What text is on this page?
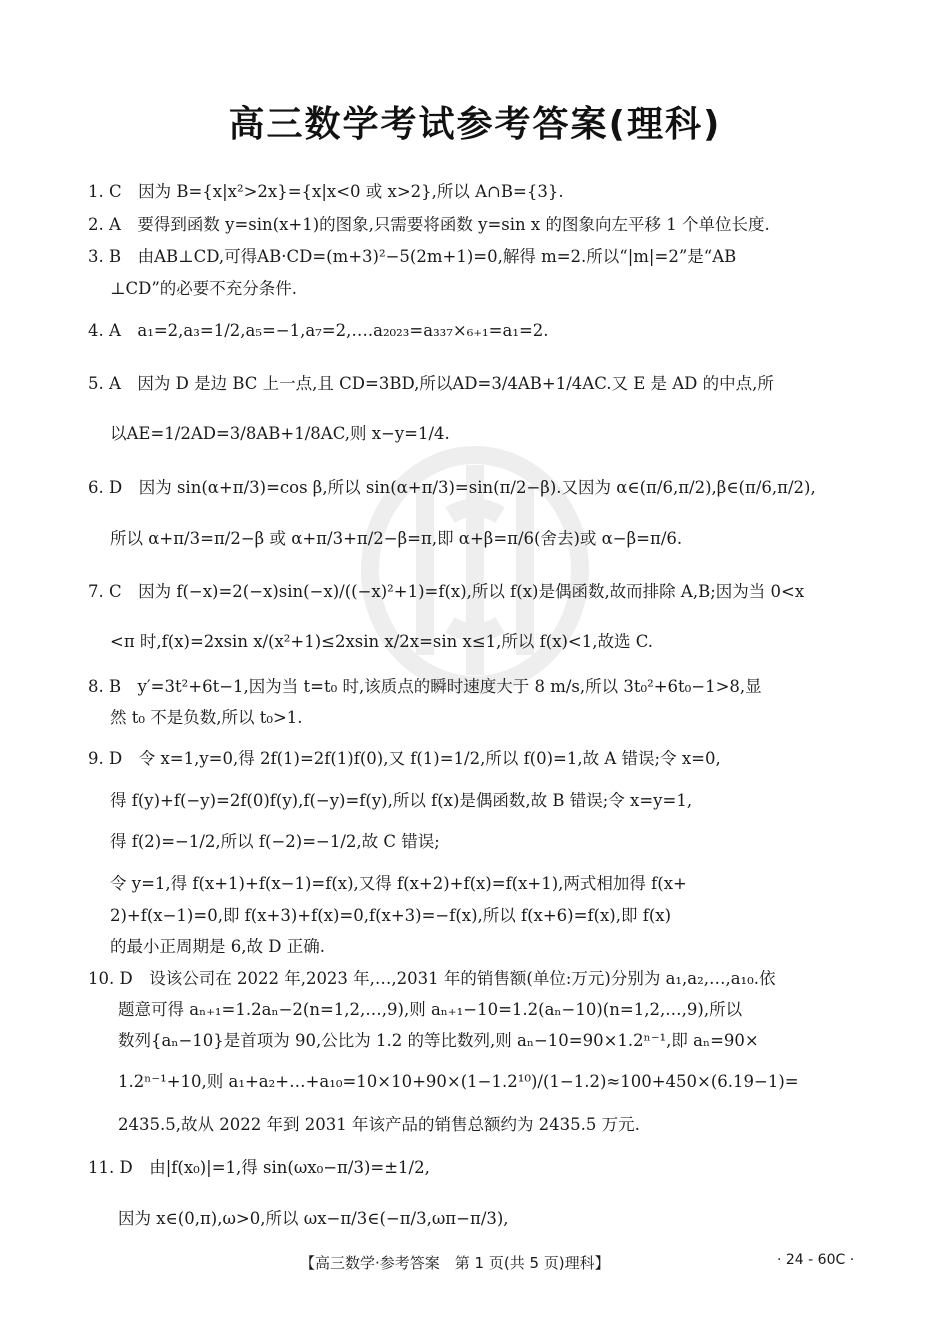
高三数学考试参考答案(理科)
1. C　因为 B={x|x²>2x}={x|x<0 或 x>2},所以 A∩B={3}.
2. A　要得到函数 y=sin(x+1)的图象,只需要将函数 y=sin x 的图象向左平移 1 个单位长度.
3. B　由AB⊥CD,可得AB·CD=(m+3)²−5(2m+1)=0,解得 m=2.所以“|m|=2”是“AB
⊥CD”的必要不充分条件.
4. A　a₁=2,a₃=1/2,a₅=−1,a₇=2,….a₂₀₂₃=a₃₃₇×₆₊₁=a₁=2.
5. A　因为 D 是边 BC 上一点,且 CD=3BD,所以AD=3/4AB+1/4AC.又 E 是 AD 的中点,所
以AE=1/2AD=3/8AB+1/8AC,则 x−y=1/4.
6. D　因为 sin(α+π/3)=cos β,所以 sin(α+π/3)=sin(π/2−β).又因为 α∈(π/6,π/2),β∈(π/6,π/2),
所以 α+π/3=π/2−β 或 α+π/3+π/2−β=π,即 α+β=π/6(舍去)或 α−β=π/6.
7. C　因为 f(−x)=2(−x)sin(−x)/((−x)²+1)=f(x),所以 f(x)是偶函数,故而排除 A,B;因为当 0<x
<π 时,f(x)=2xsin x/(x²+1)≤2xsin x/2x=sin x≤1,所以 f(x)<1,故选 C.
8. B　y′=3t²+6t−1,因为当 t=t₀ 时,该质点的瞬时速度大于 8 m/s,所以 3t₀²+6t₀−1>8,显
然 t₀ 不是负数,所以 t₀>1.
9. D　令 x=1,y=0,得 2f(1)=2f(1)f(0),又 f(1)=1/2,所以 f(0)=1,故 A 错误;令 x=0,
得 f(y)+f(−y)=2f(0)f(y),f(−y)=f(y),所以 f(x)是偶函数,故 B 错误;令 x=y=1,
得 f(2)=−1/2,所以 f(−2)=−1/2,故 C 错误;
令 y=1,得 f(x+1)+f(x−1)=f(x),又得 f(x+2)+f(x)=f(x+1),两式相加得 f(x+
2)+f(x−1)=0,即 f(x+3)+f(x)=0,f(x+3)=−f(x),所以 f(x+6)=f(x),即 f(x)
的最小正周期是 6,故 D 正确.
10. D　设该公司在 2022 年,2023 年,…,2031 年的销售额(单位:万元)分别为 a₁,a₂,…,a₁₀.依
题意可得 aₙ₊₁=1.2aₙ−2(n=1,2,…,9),则 aₙ₊₁−10=1.2(aₙ−10)(n=1,2,…,9),所以
数列{aₙ−10}是首项为 90,公比为 1.2 的等比数列,则 aₙ−10=90×1.2ⁿ⁻¹,即 aₙ=90×
1.2ⁿ⁻¹+10,则 a₁+a₂+…+a₁₀=10×10+90×(1−1.2¹⁰)/(1−1.2)≈100+450×(6.19−1)=
2435.5,故从 2022 年到 2031 年该产品的销售总额约为 2435.5 万元.
11. D　由|f(x₀)|=1,得 sin(ωx₀−π/3)=±1/2,
因为 x∈(0,π),ω>0,所以 ωx−π/3∈(−π/3,ωπ−π/3),
【高三数学·参考答案　第 1 页(共 5 页)理科】	· 24 - 60C ·
